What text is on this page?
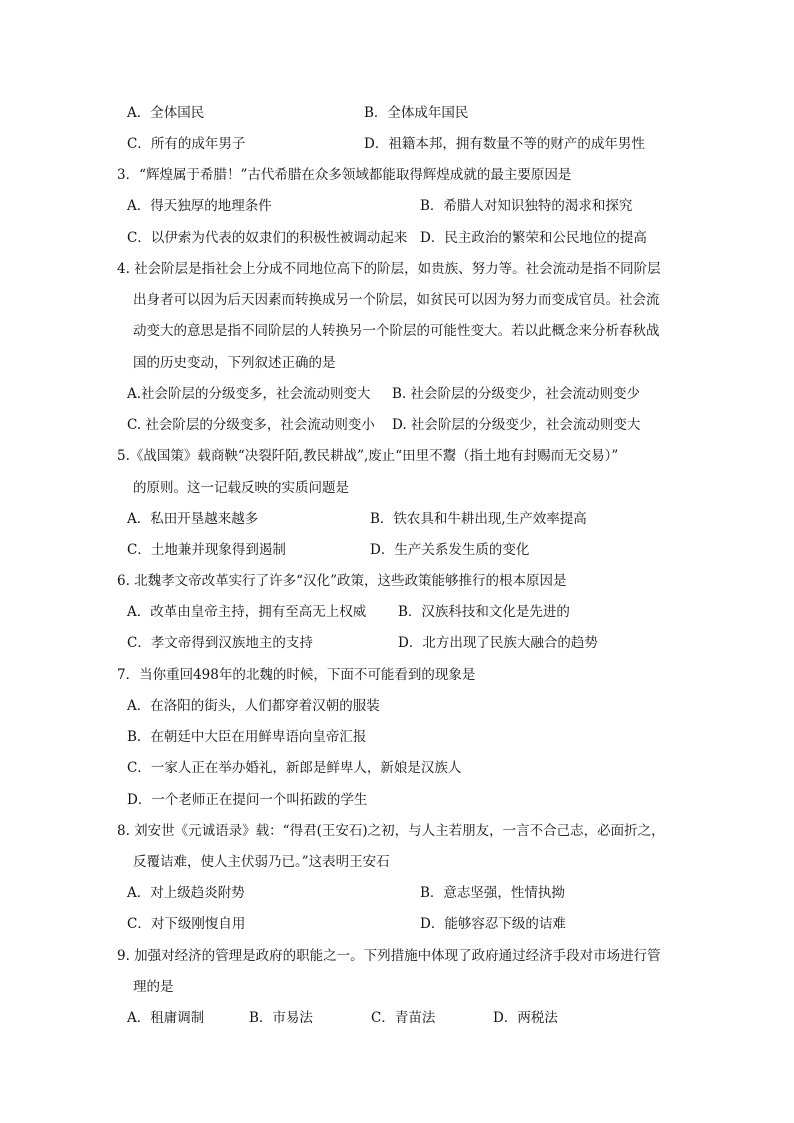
A．全体国民	B．全体成年国民
C．所有的成年男子	D．祖籍本邦，拥有数量不等的财产的成年男性
3．“辉煌属于希腊！”古代希腊在众多领域都能取得辉煌成就的最主要原因是
A．得天独厚的地理条件	B．希腊人对知识独特的渴求和探究
C．以伊索为代表的奴隶们的积极性被调动起来 D．民主政治的繁荣和公民地位的提高
4. 社会阶层是指社会上分成不同地位高下的阶层，如贵族、努力等。社会流动是指不同阶层
出身者可以因为后天因素而转换成另一个阶层，如贫民可以因为努力而变成官员。社会流
动变大的意思是指不同阶层的人转换另一个阶层的可能性变大。若以此概念来分析春秋战
国的历史变动，下列叙述正确的是
A.社会阶层的分级变多，社会流动则变大 B. 社会阶层的分级变少，社会流动则变少
C. 社会阶层的分级变多，社会流动则变小 D. 社会阶层的分级变少，社会流动则变大
5.《战国策》载商鞅“决裂阡陌,教民耕战”,废止“田里不鬻（指土地有封赐而无交易）”
的原则。这一记载反映的实质问题是
A．私田开垦越来越多	B．铁农具和牛耕出现,生产效率提高
C．土地兼并现象得到遏制	D．生产关系发生质的变化
6. 北魏孝文帝改革实行了许多“汉化”政策，这些政策能够推行的根本原因是
A．改革由皇帝主持，拥有至高无上权威 B．汉族科技和文化是先进的
C．孝文帝得到汉族地主的支持	D．北方出现了民族大融合的趋势
7．当你重回498年的北魏的时候，下面不可能看到的现象是
A．在洛阳的街头，人们都穿着汉朝的服装
B．在朝廷中大臣在用鲜卑语向皇帝汇报
C．一家人正在举办婚礼，新郎是鲜卑人，新娘是汉族人
D．一个老师正在提问一个叫拓跋的学生
8. 刘安世《元诚语录》载：“得君(王安石)之初，与人主若朋友，一言不合己志，必面折之，
反覆诘难，使人主伏弱乃已。”这表明王安石
A．对上级趋炎附势	B．意志坚强，性情执拗
C．对下级刚愎自用	D．能够容忍下级的诘难
9. 加强对经济的管理是政府的职能之一。下列措施中体现了政府通过经济手段对市场进行管
理的是
A．租庸调制	B．市易法	C．青苗法	D．两税法
